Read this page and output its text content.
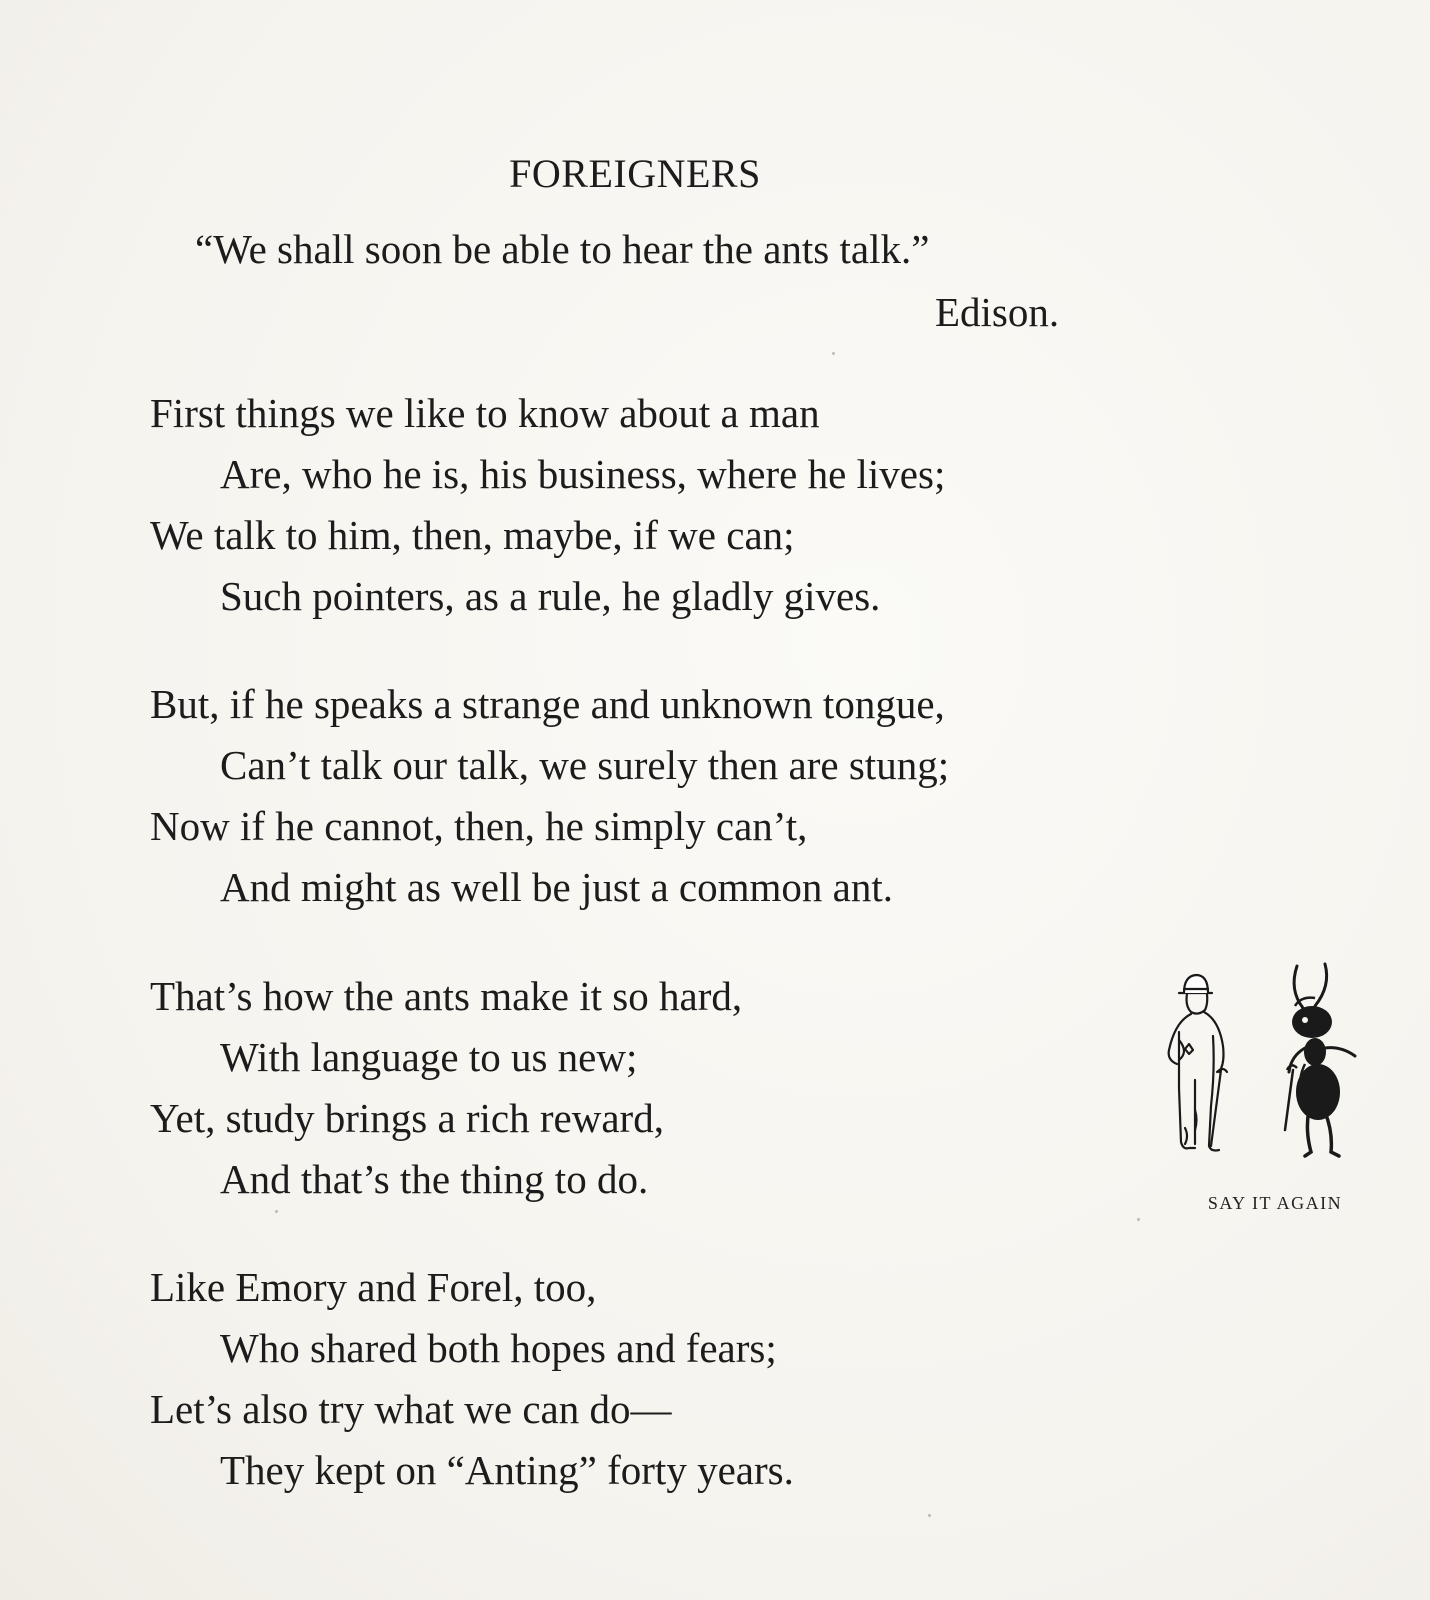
FOREIGNERS

“We shall soon be able to hear the ants talk.”

Edison.

First things we like to know about a man
Are, who he is, his business, where he lives;
We talk to him, then, maybe, if we can;
Such pointers, as a rule, he gladly gives.
But, if he speaks a strange and unknown tongue,
Can’t talk our talk, we surely then are stung;
Now if he cannot, then, he simply can’t,
And might as well be just a common ant.
That’s how the ants make it so hard,
With language to us new;
Yet, study brings a rich reward,
And that’s the thing to do.
Like Emory and Forel, too,
Who shared both hopes and fears;
Let’s also try what we can do—
They kept on “Anting” forty years.
SAY IT AGAIN
